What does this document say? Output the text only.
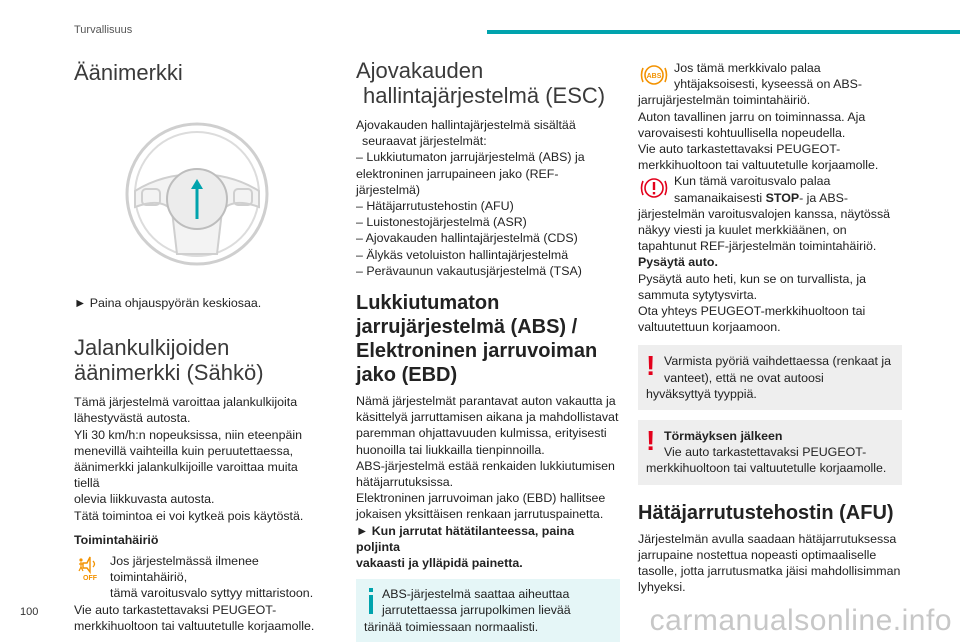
Turvallisuus
Äänimerkki

► Paina ohjauspyörän keskiosaa.

Jalankulkijoiden
äänimerkki (Sähkö)
Tämä järjestelmä varoittaa jalankulkijoita
lähestyvästä autosta.
Yli 30 km/h:n nopeuksissa, niin eteenpäin
menevillä vaihteilla kuin peruutettaessa,
äänimerkki jalankulkijoille varoittaa muita tiellä
olevia liikkuvasta autosta.
Tätä toimintoa ei voi kytkeä pois käytöstä.
Toimintahäiriö
OFF
Jos järjestelmässä ilmenee toimintahäiriö,
tämä varoitusvalo syttyy mittaristoon.
Vie auto tarkastettavaksi PEUGEOT-
merkkihuoltoon tai valtuutetulle korjaamolle.
Ajovakauden
hallintajärjestelmä (ESC)
Ajovakauden hallintajärjestelmä sisältää
seuraavat järjestelmät:
– Lukkiutumaton jarrujärjestelmä (ABS) ja
elektroninen jarrupaineen jako (REF-järjestelmä)
– Hätäjarrutustehostin (AFU)
– Luistonestojärjestelmä (ASR)
– Ajovakauden hallintajärjestelmä (CDS)
– Älykäs vetoluiston hallintajärjestelmä
– Perävaunun vakautusjärjestelmä (TSA)
Lukkiutumaton
jarrujärjestelmä (ABS) /
Elektroninen jarruvoiman
jako (EBD)
Nämä järjestelmät parantavat auton vakautta ja
käsittelyä jarruttamisen aikana ja mahdollistavat
paremman ohjattavuuden kulmissa, erityisesti
huonoilla tai liukkailla tienpinnoilla.
ABS-järjestelmä estää renkaiden lukkiutumisen
hätäjarrutuksissa.
Elektroninen jarruvoiman jako (EBD) hallitsee
jokaisen yksittäisen renkaan jarrutuspainetta.
► Kun jarrutat hätätilanteessa, paina poljinta
vakaasti ja ylläpidä painetta.
ABS-järjestelmä saattaa aiheuttaa
jarrutettaessa jarrupolkimen lievää
tärinää toimiessaan normaalisti.
ABS
Jos tämä merkkivalo palaa
yhtäjaksoisesti, kyseessä on ABS-
jarrujärjestelmän toimintahäiriö.
Auton tavallinen jarru on toiminnassa. Aja
varovaisesti kohtuullisella nopeudella.
Vie auto tarkastettavaksi PEUGEOT-
merkkihuoltoon tai valtuutetulle korjaamolle.
Kun tämä varoitusvalo palaa
samanaikaisesti STOP- ja ABS-
järjestelmän varoitusvalojen kanssa, näytössä
näkyy viesti ja kuulet merkkiäänen, on
tapahtunut REF-järjestelmän toimintahäiriö.
Pysäytä auto.
Pysäytä auto heti, kun se on turvallista, ja
sammuta sytytysvirta.
Ota yhteys PEUGEOT-merkkihuoltoon tai
valtuutettuun korjaamoon.
! Varmista pyöriä vaihdettaessa (renkaat ja
vanteet), että ne ovat autoosi
hyväksyttyä tyyppiä.
! Törmäyksen jälkeen
Vie auto tarkastettavaksi PEUGEOT-
merkkihuoltoon tai valtuutetulle korjaamolle.
Hätäjarrutustehostin (AFU)
Järjestelmän avulla saadaan hätäjarrutuksessa
jarrupaine nostettua nopeasti optimaaliselle
tasolle, jotta jarrutusmatka jäisi mahdollisimman
lyhyeksi.
100	carmanualsonline.info
